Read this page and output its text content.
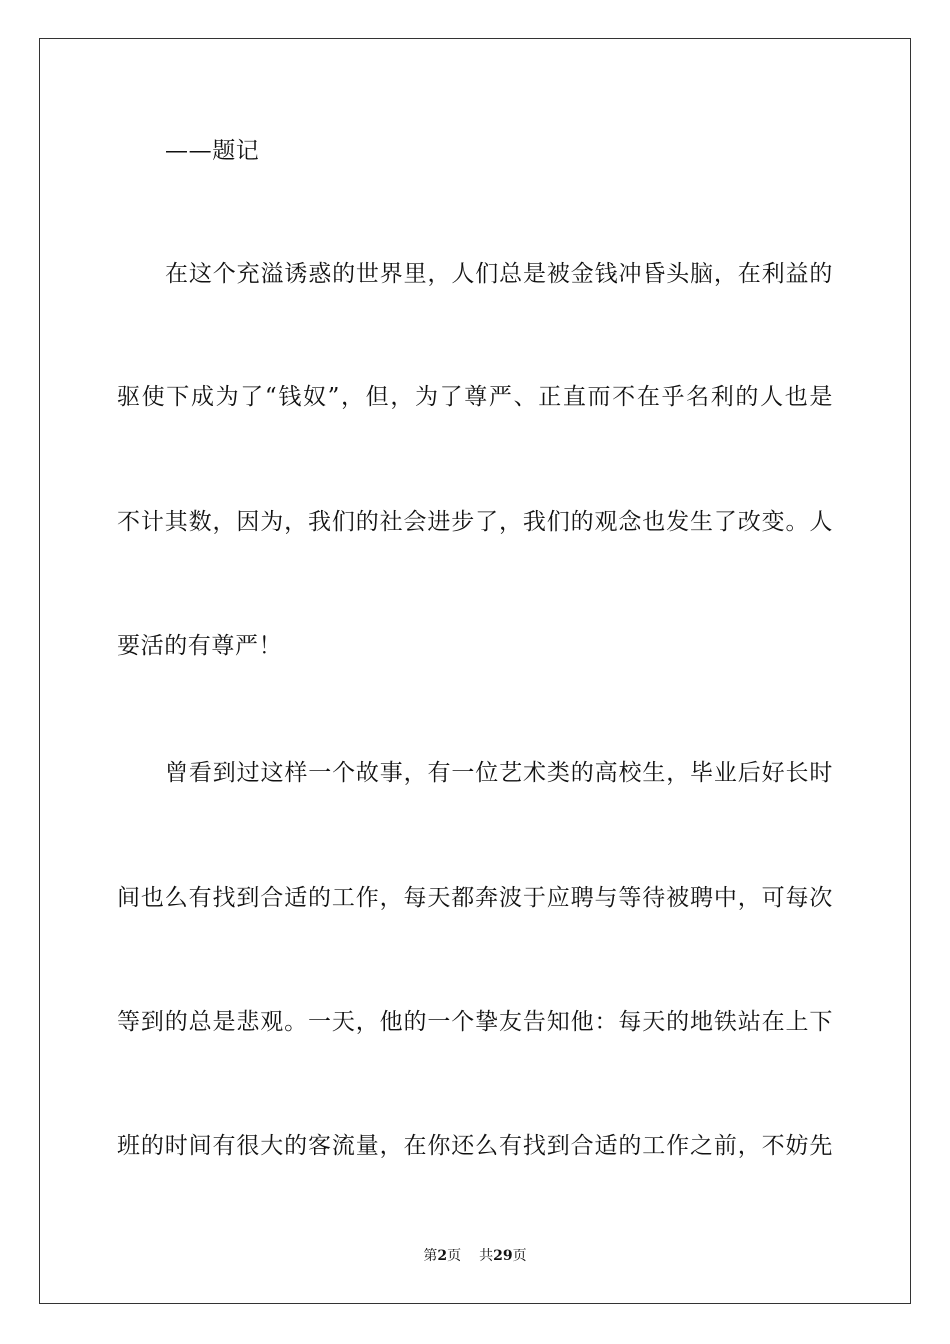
——题记
在这个充溢诱惑的世界里，人们总是被金钱冲昏头脑，在利益的
驱使下成为了“钱奴”，但，为了尊严、正直而不在乎名利的人也是
不计其数，因为，我们的社会进步了，我们的观念也发生了改变。人
要活的有尊严！
曾看到过这样一个故事，有一位艺术类的高校生，毕业后好长时
间也么有找到合适的工作，每天都奔波于应聘与等待被聘中，可每次
等到的总是悲观。一天，他的一个挚友告知他：每天的地铁站在上下
班的时间有很大的客流量，在你还么有找到合适的工作之前，不妨先
第2页 共29页
